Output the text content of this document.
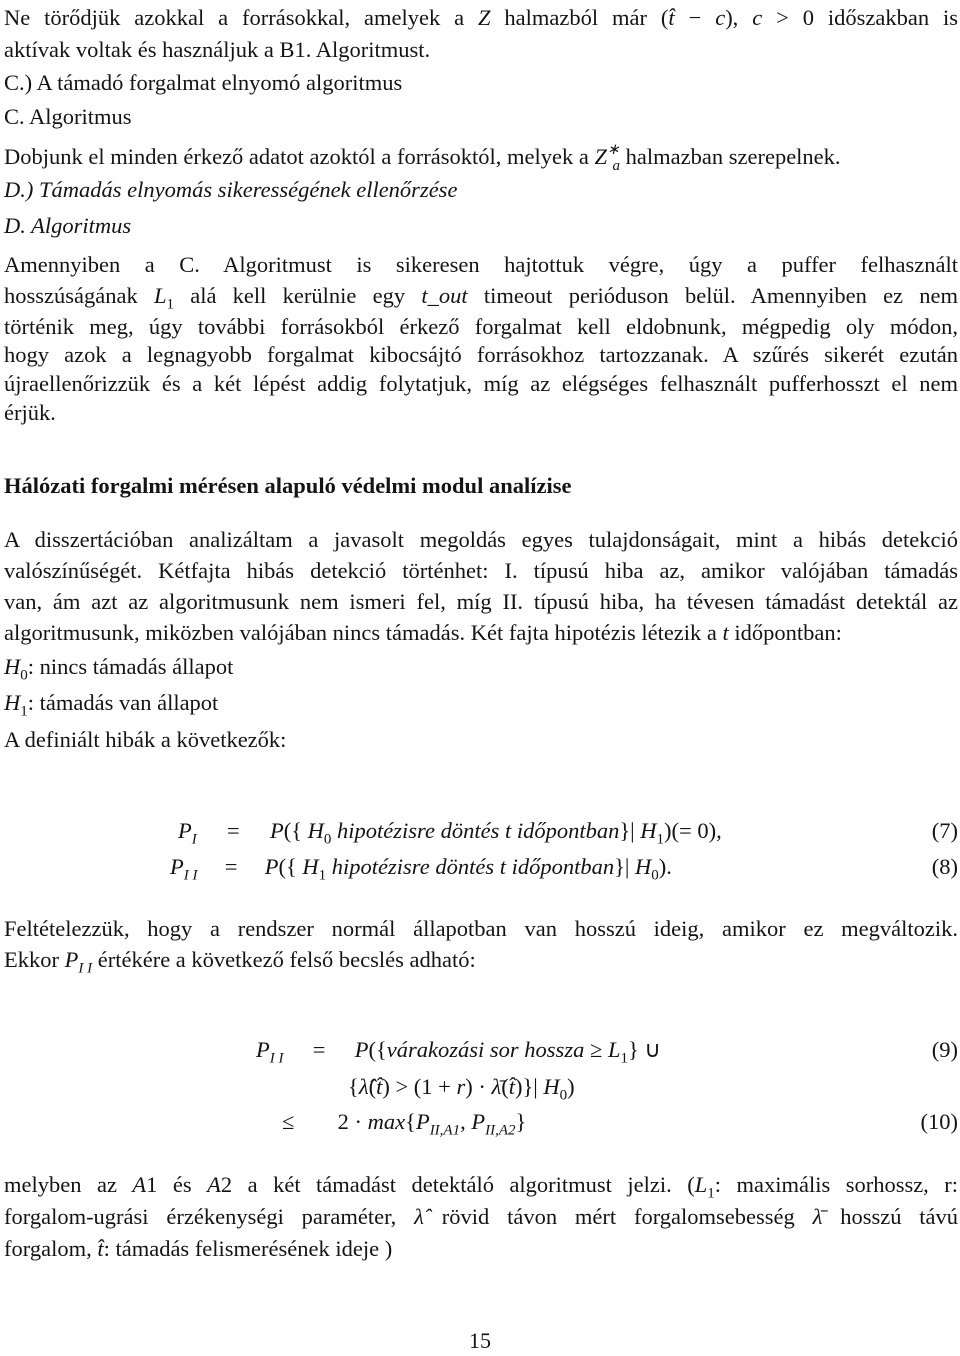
Ne törődjük azokkal a forrásokkal, amelyek a Z halmazból már (t̂ − c), c > 0 időszakban is
aktívak voltak és használjuk a B1. Algoritmust.
C.) A támadó forgalmat elnyomó algoritmus
C. Algoritmus
Dobjunk el minden érkező adatot azoktól a forrásoktól, melyek a $Z^∗_a$ halmazban szerepelnek.
D.) Támadás elnyomás sikerességének ellenőrzése
D. Algoritmus
Amennyiben a C. Algoritmust is sikeresen hajtottuk végre, úgy a puffer felhasznált
hosszúságának $L_1$ alá kell kerülnie egy t_out timeout perióduson belül. Amennyiben ez nem
történik meg, úgy további forrásokból érkező forgalmat kell eldobnunk, mégpedig oly módon,
hogy azok a legnagyobb forgalmat kibocsájtó forrásokhoz tartozzanak. A szűrés sikerét ezután
újraellenőrizzük és a két lépést addig folytatjuk, míg az elégséges felhasznált pufferhosszt el nem
érjük.
Hálózati forgalmi mérésen alapuló védelmi modul analízise
A disszertációban analizáltam a javasolt megoldás egyes tulajdonságait, mint a hibás detekció
valószínűségét. Kétfajta hibás detekció történhet: I. típusú hiba az, amikor valójában támadás
van, ám azt az algoritmusunk nem ismeri fel, míg II. típusú hiba, ha tévesen támadást detektál az
algoritmusunk, miközben valójában nincs támadás. Két fajta hipotézis létezik a t időpontban:
$H_0$: nincs támadás állapot
$H_1$: támadás van állapot
A definiált hibák a következők:
$P_I = P$({ $H_0$ hipotézisre döntés t időpontban}| $H_1)(= 0)$,	(7)
$P_{I I} = P$({ $H_1$ hipotézisre döntés t időpontban}| $H_0$).	(8)
Feltételezzük, hogy a rendszer normál állapotban van hosszú ideig, amikor ez megváltozik.
Ekkor $P_{I I}$ értékére a következő felső becslés adható:
$P_{I I}$ = P({várakozási sor hossza ≥ $L_1$} ∪	(9)
{λ̂(t̂) > (1 + r) · λ̄(t̂)}| $H_0$)
≤ $2 \cdot \max\{P_{II,A1}$, $P_{II,A2}$}	(10)
melyben az A1 és A2 a két támadást detektáló algoritmust jelzi. ($L_1$: maximális sorhossz, r:
forgalom-ugrási érzékenységi paraméter, λ̂ rövid távon mért forgalomsebesség λ̄ hosszú távú
forgalom, t̂: támadás felismerésének ideje )
15
